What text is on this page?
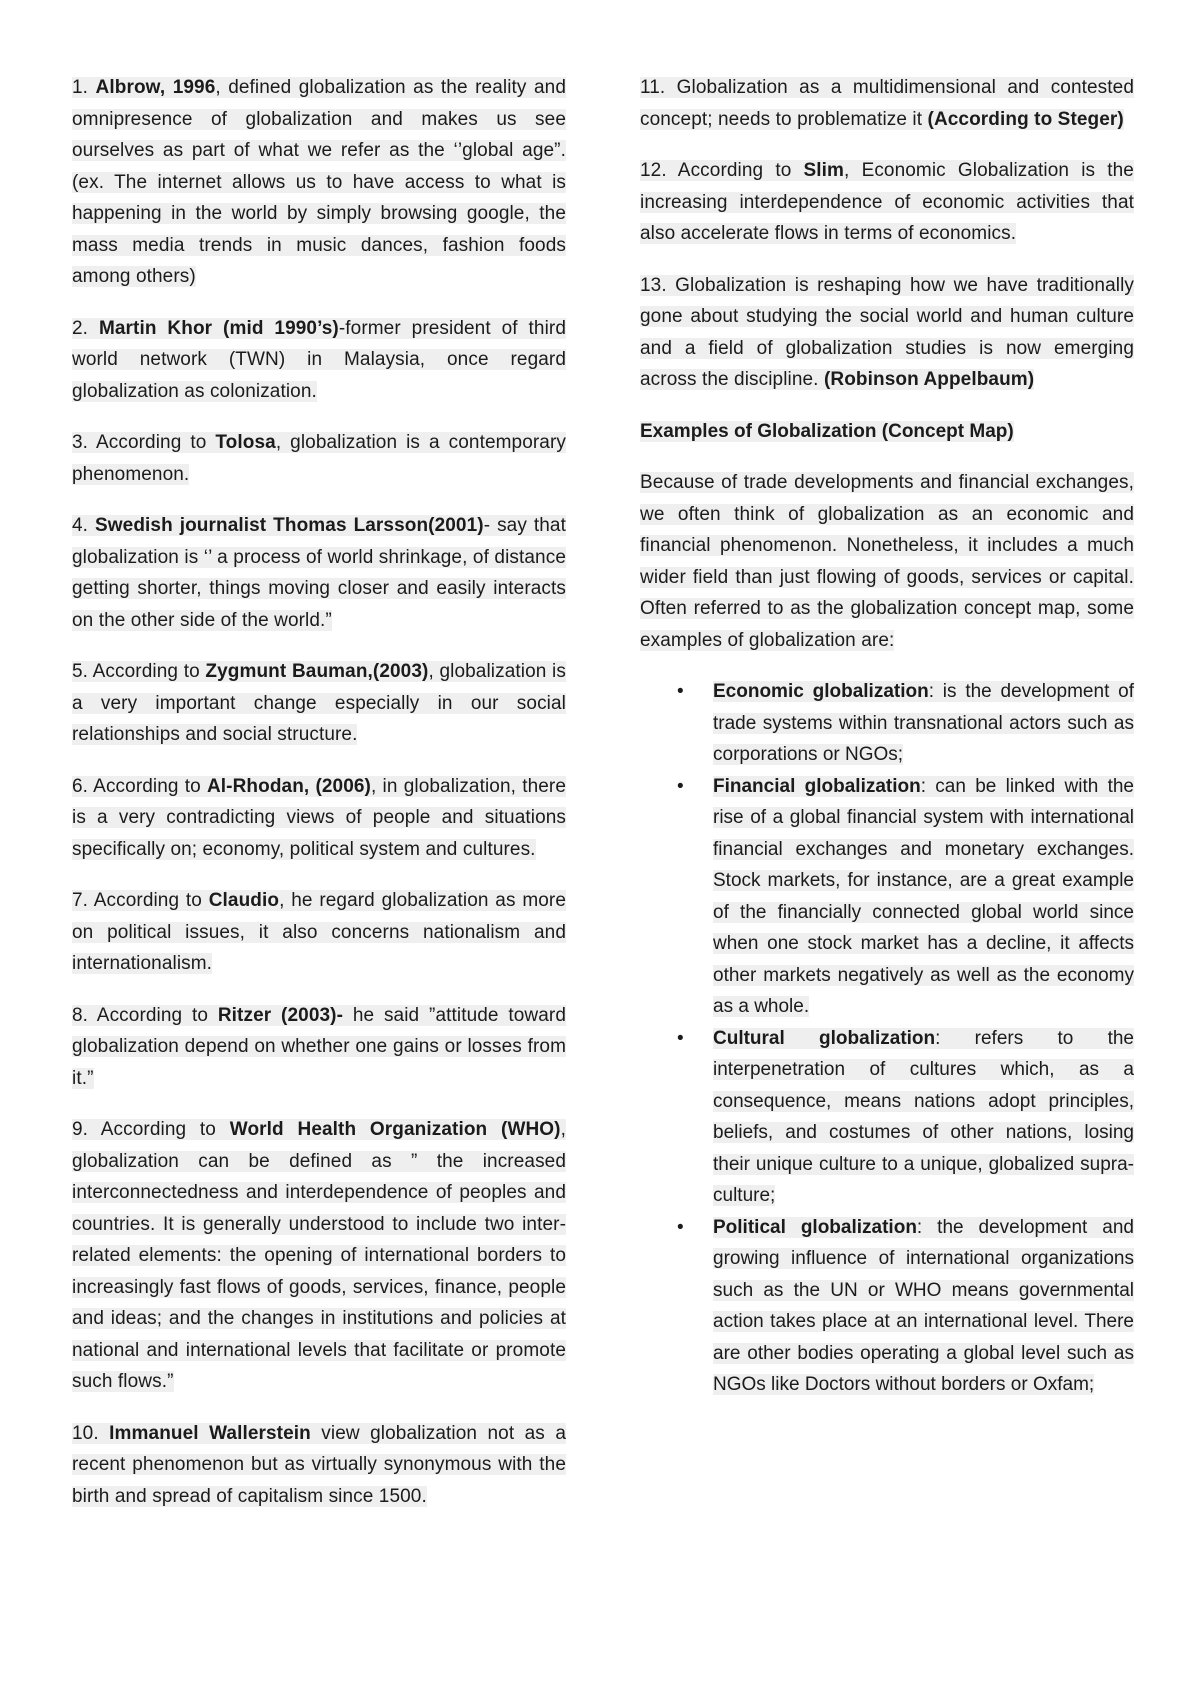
1. Albrow, 1996, defined globalization as the reality and omnipresence of globalization and makes us see ourselves as part of what we refer as the ‘’global age”. (ex. The internet allows us to have access to what is happening in the world by simply browsing google, the mass media trends in music dances, fashion foods among others)

2. Martin Khor (mid 1990’s)-former president of third world network (TWN) in Malaysia, once regard globalization as colonization.

3. According to Tolosa, globalization is a contemporary phenomenon.

4. Swedish journalist Thomas Larsson(2001)- say that globalization is ‘’ a process of world shrinkage, of distance getting shorter, things moving closer and easily interacts on the other side of the world.”

5. According to Zygmunt Bauman,(2003), globalization is a very important change especially in our social relationships and social structure.

6. According to Al-Rhodan, (2006), in globalization, there is a very contradicting views of people and situations specifically on; economy, political system and cultures.

7. According to Claudio, he regard globalization as more on political issues, it also concerns nationalism and internationalism.

8. According to Ritzer (2003)- he said ”attitude toward globalization depend on whether one gains or losses from it.”

9. According to World Health Organization (WHO), globalization can be defined as ” the increased interconnectedness and interdependence of peoples and countries. It is generally understood to include two inter-related elements: the opening of international borders to increasingly fast flows of goods, services, finance, people and ideas; and the changes in institutions and policies at national and international levels that facilitate or promote such flows.”

10. Immanuel Wallerstein view globalization not as a recent phenomenon but as virtually synonymous with the birth and spread of capitalism since 1500.

11. Globalization as a multidimensional and contested concept; needs to problematize it (According to Steger)

12. According to Slim, Economic Globalization is the increasing interdependence of economic activities that also accelerate flows in terms of economics.

13. Globalization is reshaping how we have traditionally gone about studying the social world and human culture and a field of globalization studies is now emerging across the discipline. (Robinson Appelbaum)

Examples of Globalization (Concept Map)

Because of trade developments and financial exchanges, we often think of globalization as an economic and financial phenomenon. Nonetheless, it includes a much wider field than just flowing of goods, services or capital. Often referred to as the globalization concept map, some examples of globalization are:

• Economic globalization: is the development of trade systems within transnational actors such as corporations or NGOs;
• Financial globalization: can be linked with the rise of a global financial system with international financial exchanges and monetary exchanges. Stock markets, for instance, are a great example of the financially connected global world since when one stock market has a decline, it affects other markets negatively as well as the economy as a whole.
• Cultural globalization: refers to the interpenetration of cultures which, as a consequence, means nations adopt principles, beliefs, and costumes of other nations, losing their unique culture to a unique, globalized supra-culture;
• Political globalization: the development and growing influence of international organizations such as the UN or WHO means governmental action takes place at an international level. There are other bodies operating a global level such as NGOs like Doctors without borders or Oxfam;
